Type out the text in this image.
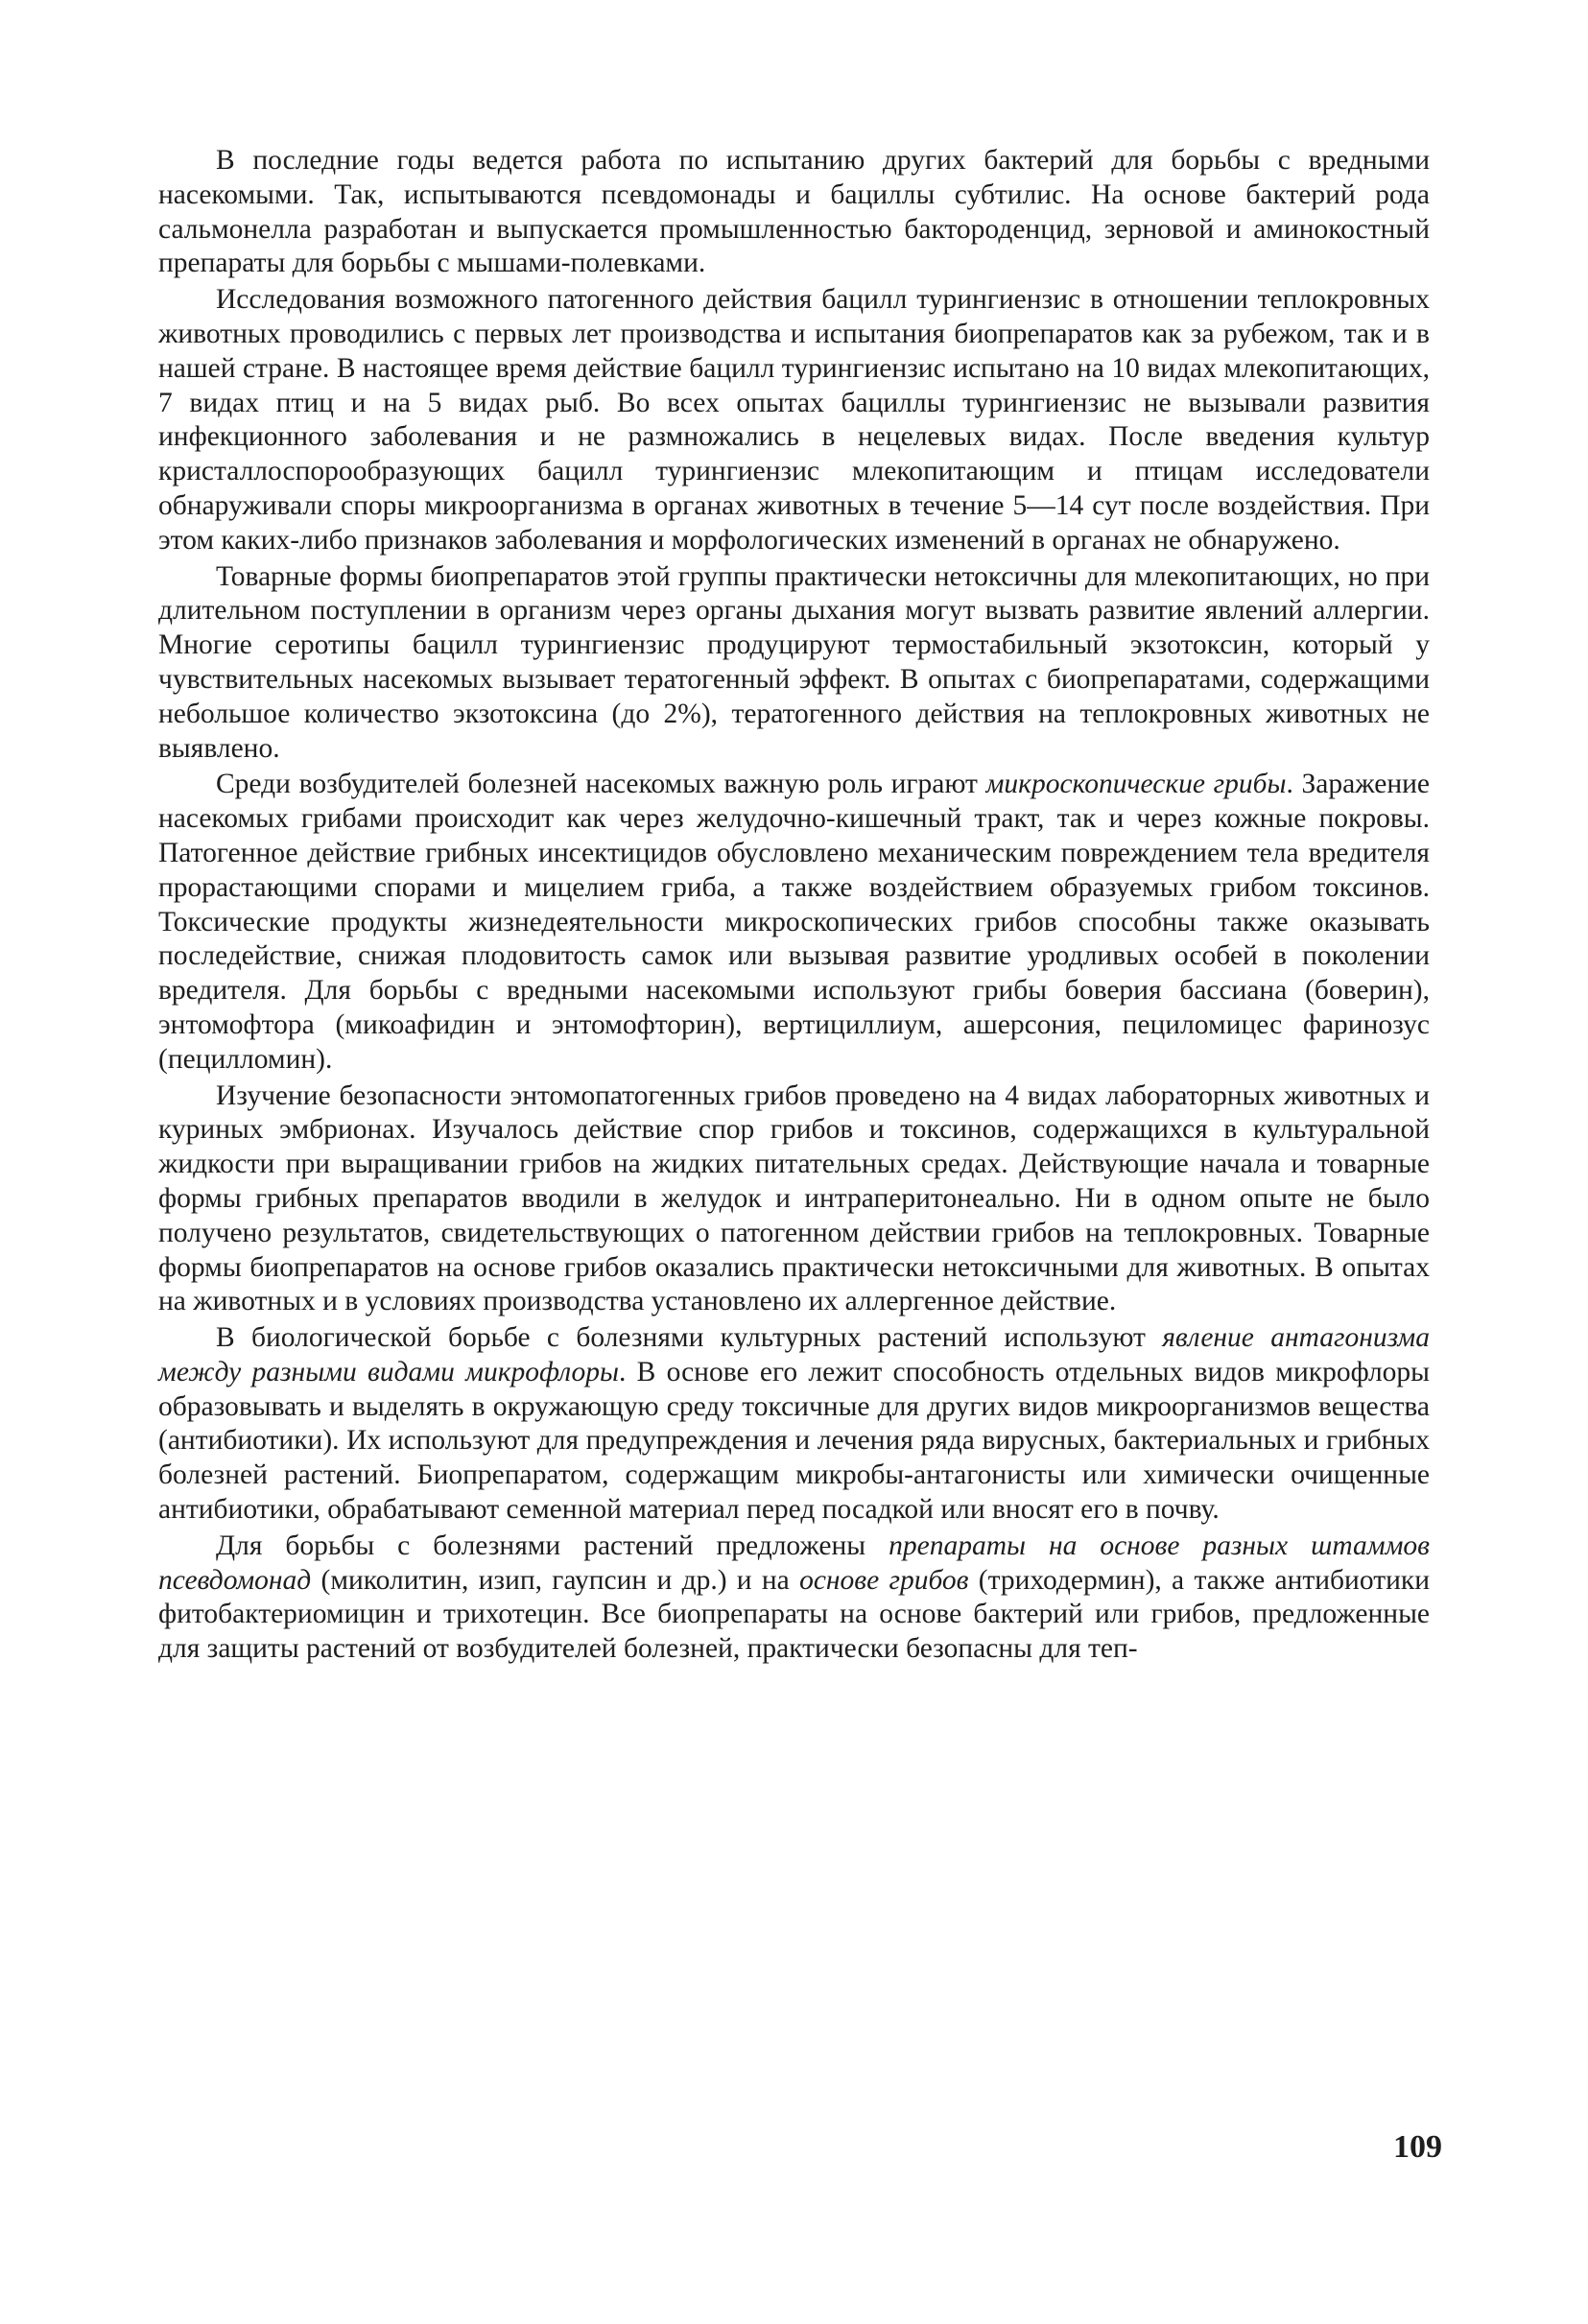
В последние годы ведется работа по испытанию других бактерий для борьбы с вредными насекомыми. Так, испытываются псевдомонады и бациллы субтилис. На основе бактерий рода сальмонелла разработан и выпускается промышленностью бактороденцид, зерновой и аминокостный препараты для борьбы с мышами-полевками.

Исследования возможного патогенного действия бацилл турингиензис в отношении теплокровных животных проводились с первых лет производства и испытания биопрепаратов как за рубежом, так и в нашей стране. В настоящее время действие бацилл турингиензис испытано на 10 видах млекопитающих, 7 видах птиц и на 5 видах рыб. Во всех опытах бациллы турингиензис не вызывали развития инфекционного заболевания и не размножались в нецелевых видах. После введения культур кристаллоспорообразующих бацилл турингиензис млекопитающим и птицам исследователи обнаруживали споры микроорганизма в органах животных в течение 5—14 сут после воздействия. При этом каких-либо признаков заболевания и морфологических изменений в органах не обнаружено.

Товарные формы биопрепаратов этой группы практически нетоксичны для млекопитающих, но при длительном поступлении в организм через органы дыхания могут вызвать развитие явлений аллергии. Многие серотипы бацилл турингиензис продуцируют термостабильный экзотоксин, который у чувствительных насекомых вызывает тератогенный эффект. В опытах с биопрепаратами, содержащими небольшое количество экзотоксина (до 2%), тератогенного действия на теплокровных животных не выявлено.

Среди возбудителей болезней насекомых важную роль играют микроскопические грибы. Заражение насекомых грибами происходит как через желудочно-кишечный тракт, так и через кожные покровы. Патогенное действие грибных инсектицидов обусловлено механическим повреждением тела вредителя прорастающими спорами и мицелием гриба, а также воздействием образуемых грибом токсинов. Токсические продукты жизнедеятельности микроскопических грибов способны также оказывать последействие, снижая плодовитость самок или вызывая развитие уродливых особей в поколении вредителя. Для борьбы с вредными насекомыми используют грибы боверия бассиана (боверин), энтомофтора (микоафидин и энтомофторин), вертициллиум, ашерсония, пециломицес фаринозус (пецилломин).

Изучение безопасности энтомопатогенных грибов проведено на 4 видах лабораторных животных и куриных эмбрионах. Изучалось действие спор грибов и токсинов, содержащихся в культуральной жидкости при выращивании грибов на жидких питательных средах. Действующие начала и товарные формы грибных препаратов вводили в желудок и интраперитонеально. Ни в одном опыте не было получено результатов, свидетельствующих о патогенном действии грибов на теплокровных. Товарные формы биопрепаратов на основе грибов оказались практически нетоксичными для животных. В опытах на животных и в условиях производства установлено их аллергенное действие.

В биологической борьбе с болезнями культурных растений используют явление антагонизма между разными видами микрофлоры. В основе его лежит способность отдельных видов микрофлоры образовывать и выделять в окружающую среду токсичные для других видов микроорганизмов вещества (антибиотики). Их используют для предупреждения и лечения ряда вирусных, бактериальных и грибных болезней растений. Биопрепаратом, содержащим микробы-антагонисты или химически очищенные антибиотики, обрабатывают семенной материал перед посадкой или вносят его в почву.

Для борьбы с болезнями растений предложены препараты на основе разных штаммов псевдомонад (миколитин, изип, гаупсин и др.) и на основе грибов (триходермин), а также антибиотики фитобактериомицин и трихотецин. Все биопрепараты на основе бактерий или грибов, предложенные для защиты растений от возбудителей болезней, практически безопасны для теп-

109
